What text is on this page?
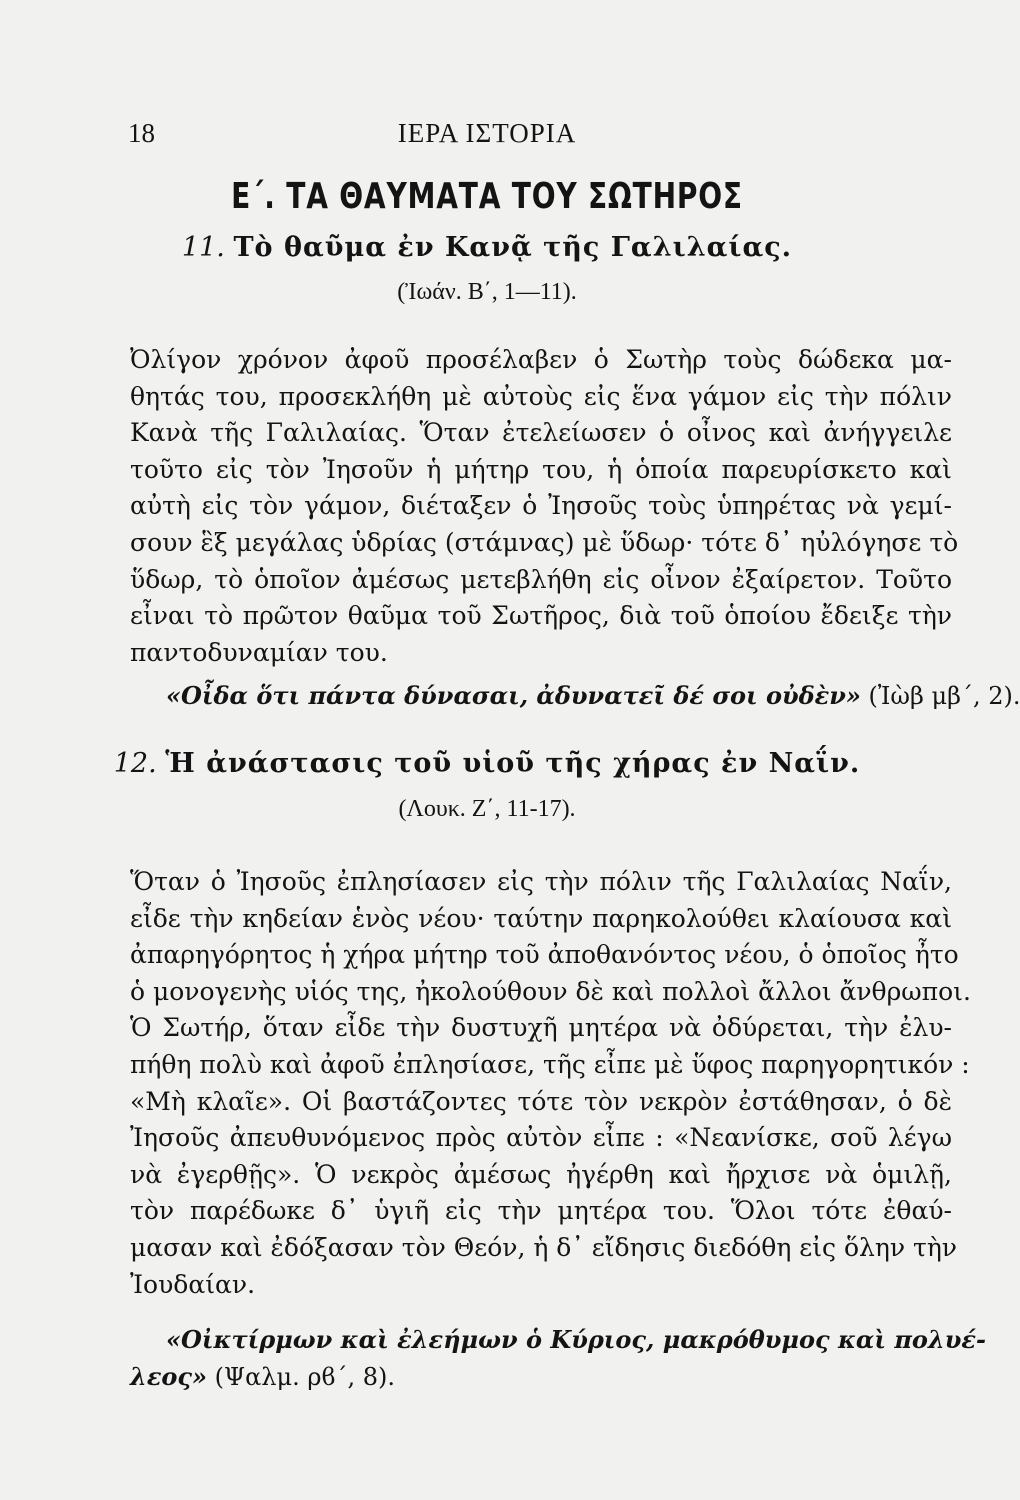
18	ΙΕΡΑ ΙΣΤΟΡΙΑ
Ε΄. ΤΑ ΘΑΥΜΑΤΑ ΤΟΥ ΣΩΤΗΡΟΣ
11. Τὸ θαῦμα ἐν Κανᾷ τῆς Γαλιλαίας.
(Ἰωάν. Β΄, 1—11).
Ὀλίγον χρόνον ἀφοῦ προσέλαβεν ὁ Σωτὴρ τοὺς δώδεκα μα-
θητάς του, προσεκλήθη μὲ αὐτοὺς εἰς ἕνα γάμον εἰς τὴν πόλιν
Κανὰ τῆς Γαλιλαίας. Ὅταν ἐτελείωσεν ὁ οἶνος καὶ ἀνήγγειλε
τοῦτο εἰς τὸν Ἰησοῦν ἡ μήτηρ του, ἡ ὁποία παρευρίσκετο καὶ
αὐτὴ εἰς τὸν γάμον, διέταξεν ὁ Ἰησοῦς τοὺς ὑπηρέτας νὰ γεμί-
σουν ἓξ μεγάλας ὑδρίας (στάμνας) μὲ ὕδωρ· τότε δ᾽ ηὐλόγησε τὸ
ὕδωρ, τὸ ὁποῖον ἀμέσως μετεβλήθη εἰς οἶνον ἐξαίρετον. Τοῦτο
εἶναι τὸ πρῶτον θαῦμα τοῦ Σωτῆρος, διὰ τοῦ ὁποίου ἔδειξε τὴν
παντοδυναμίαν του.
«Οἶδα ὅτι πάντα δύνασαι, ἀδυνατεῖ δέ σοι οὐδὲν» (Ἰὼβ μβ΄, 2).
12. Ἡ ἀνάστασις τοῦ υἱοῦ τῆς χήρας ἐν Ναΐν.
(Λουκ. Ζ΄, 11-17).
Ὅταν ὁ Ἰησοῦς ἐπλησίασεν εἰς τὴν πόλιν τῆς Γαλιλαίας Ναΐν,
εἶδε τὴν κηδείαν ἑνὸς νέου· ταύτην παρηκολούθει κλαίουσα καὶ
ἀπαρηγόρητος ἡ χήρα μήτηρ τοῦ ἀποθανόντος νέου, ὁ ὁποῖος ἦτο
ὁ μονογενὴς υἱός της, ἠκολούθουν δὲ καὶ πολλοὶ ἄλλοι ἄνθρωποι.
Ὁ Σωτήρ, ὅταν εἶδε τὴν δυστυχῆ μητέρα νὰ ὀδύρεται, τὴν ἐλυ-
πήθη πολὺ καὶ ἀφοῦ ἐπλησίασε, τῆς εἶπε μὲ ὕφος παρηγορητικόν :
«Μὴ κλαῖε». Οἱ βαστάζοντες τότε τὸν νεκρὸν ἐστάθησαν, ὁ δὲ
Ἰησοῦς ἀπευθυνόμενος πρὸς αὐτὸν εἶπε : «Νεανίσκε, σοῦ λέγω
νὰ ἐγερθῇς». Ὁ νεκρὸς ἀμέσως ἠγέρθη καὶ ἤρχισε νὰ ὁμιλῇ,
τὸν παρέδωκε δ᾽ ὑγιῆ εἰς τὴν μητέρα του. Ὅλοι τότε ἐθαύ-
μασαν καὶ ἐδόξασαν τὸν Θεόν, ἡ δ᾽ εἴδησις διεδόθη εἰς ὅλην τὴν
Ἰουδαίαν.
«Οἰκτίρμων καὶ ἐλεήμων ὁ Κύριος, μακρόθυμος καὶ πολυέ-
λεος» (Ψαλμ. ρϐ΄, 8).
